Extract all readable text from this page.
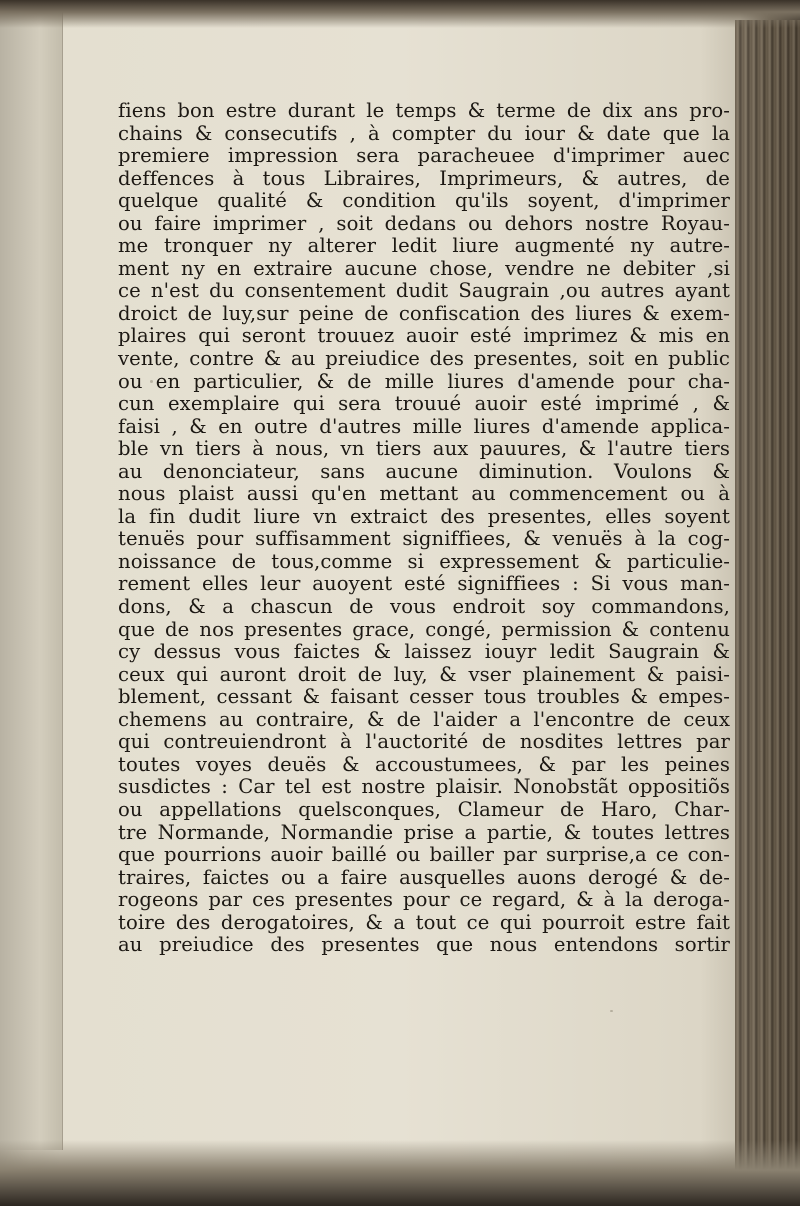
fiens bon estre durant le temps & terme de dix ans pro-
chains & consecutifs , à compter du iour & date que la
premiere impression sera paracheuee d'imprimer auec
deffences à tous Libraires, Imprimeurs, & autres, de
quelque qualité & condition qu'ils soyent, d'imprimer
ou faire imprimer , soit dedans ou dehors nostre Royau-
me tronquer ny alterer ledit liure augmenté ny autre-
ment ny en extraire aucune chose, vendre ne debiter ,si
ce n'est du consentement dudit Saugrain ,ou autres ayant
droict de luy,sur peine de confiscation des liures & exem-
plaires qui seront trouuez auoir esté imprimez & mis en
vente, contre & au preiudice des presentes, soit en public
ou en particulier, & de mille liures d'amende pour cha-
cun exemplaire qui sera trouué auoir esté imprimé , &
faisi , & en outre d'autres mille liures d'amende applica-
ble vn tiers à nous, vn tiers aux pauures, & l'autre tiers
au denonciateur, sans aucune diminution. Voulons &
nous plaist aussi qu'en mettant au commencement ou à
la fin dudit liure vn extraict des presentes, elles soyent
tenuës pour suffisamment signiffiees, & venuës à la cog-
noissance de tous,comme si expressement & particulie-
rement elles leur auoyent esté signiffiees : Si vous man-
dons, & a chascun de vous endroit soy commandons,
que de nos presentes grace, congé, permission & contenu
cy dessus vous faictes & laissez iouyr ledit Saugrain &
ceux qui auront droit de luy, & vser plainement & paisi-
blement, cessant & faisant cesser tous troubles & empes-
chemens au contraire, & de l'aider a l'encontre de ceux
qui contreuiendront à l'auctorité de nosdites lettres par
toutes voyes deuës & accoustumees, & par les peines
susdictes : Car tel est nostre plaisir. Nonobstãt oppositiõs
ou appellations quelsconques, Clameur de Haro, Char-
tre Normande, Normandie prise a partie, & toutes lettres
que pourrions auoir baillé ou bailler par surprise,a ce con-
traires, faictes ou a faire ausquelles auons derogé & de-
rogeons par ces presentes pour ce regard, & à la deroga-
toire des derogatoires, & a tout ce qui pourroit estre fait
au preiudice des presentes que nous entendons sortir
